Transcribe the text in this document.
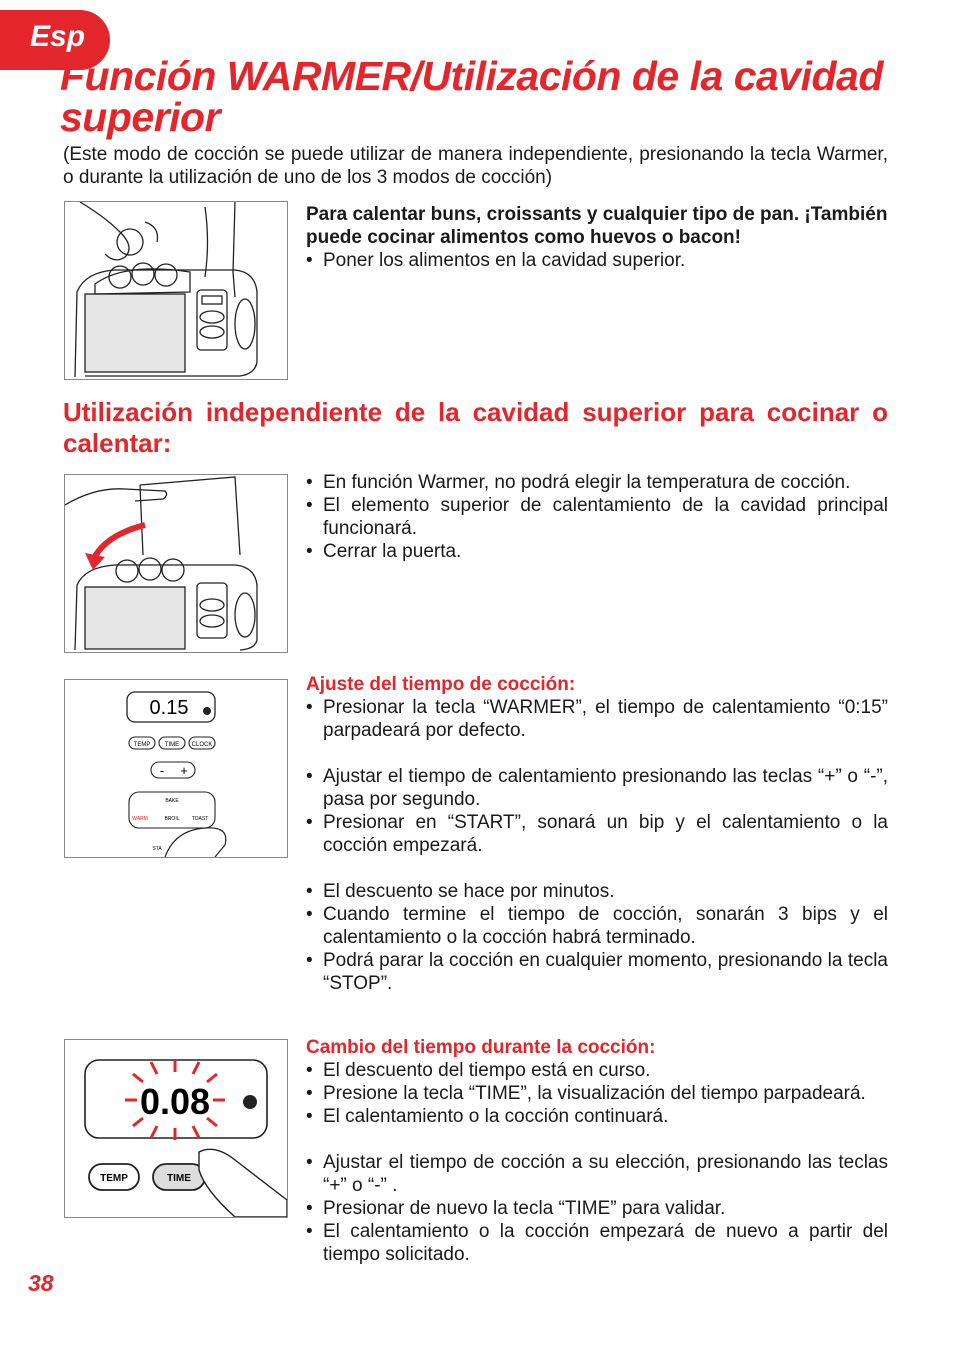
Esp
Función WARMER/Utilización de la cavidad superior
(Este modo de cocción se puede utilizar de manera independiente, presionando la tecla Warmer, o durante la utilización de uno de los 3 modos de cocción)

Para calentar buns, croissants y cualquier tipo de pan. ¡También puede cocinar alimentos como huevos o bacon!

• Poner los alimentos en la cavidad superior.
Utilización independiente de la cavidad superior para cocinar o calentar:
• En función Warmer, no podrá elegir la temperatura de cocción.
• El elemento superior de calentamiento de la cavidad principal funcionará.
• Cerrar la puerta.
0.15
TEMP TIME CLOCK
- +
BAKE
WARM	BROIL TOAST
STA

Ajuste del tiempo de cocción:

• Presionar la tecla “WARMER”, el tiempo de calentamiento “0:15” parpadeará por defecto.
• Ajustar el tiempo de calentamiento presionando las teclas “+” o “-”, pasa por segundo.
• Presionar en “START”, sonará un bip y el calentamiento o la cocción empezará.
• El descuento se hace por minutos.
• Cuando termine el tiempo de cocción, sonarán 3 bips y el calentamiento o la cocción habrá terminado.
• Podrá parar la cocción en cualquier momento, presionando la tecla “STOP”.
0.08
TEMP	TIME

Cambio del tiempo durante la cocción:

• El descuento del tiempo está en curso.
• Presione la tecla “TIME”, la visualización del tiempo parpadeará.
• El calentamiento o la cocción continuará.
• Ajustar el tiempo de cocción a su elección, presionando las teclas “+” o “-” .
• Presionar de nuevo la tecla “TIME” para validar.
• El calentamiento o la cocción empezará de nuevo a partir del tiempo solicitado.
38
